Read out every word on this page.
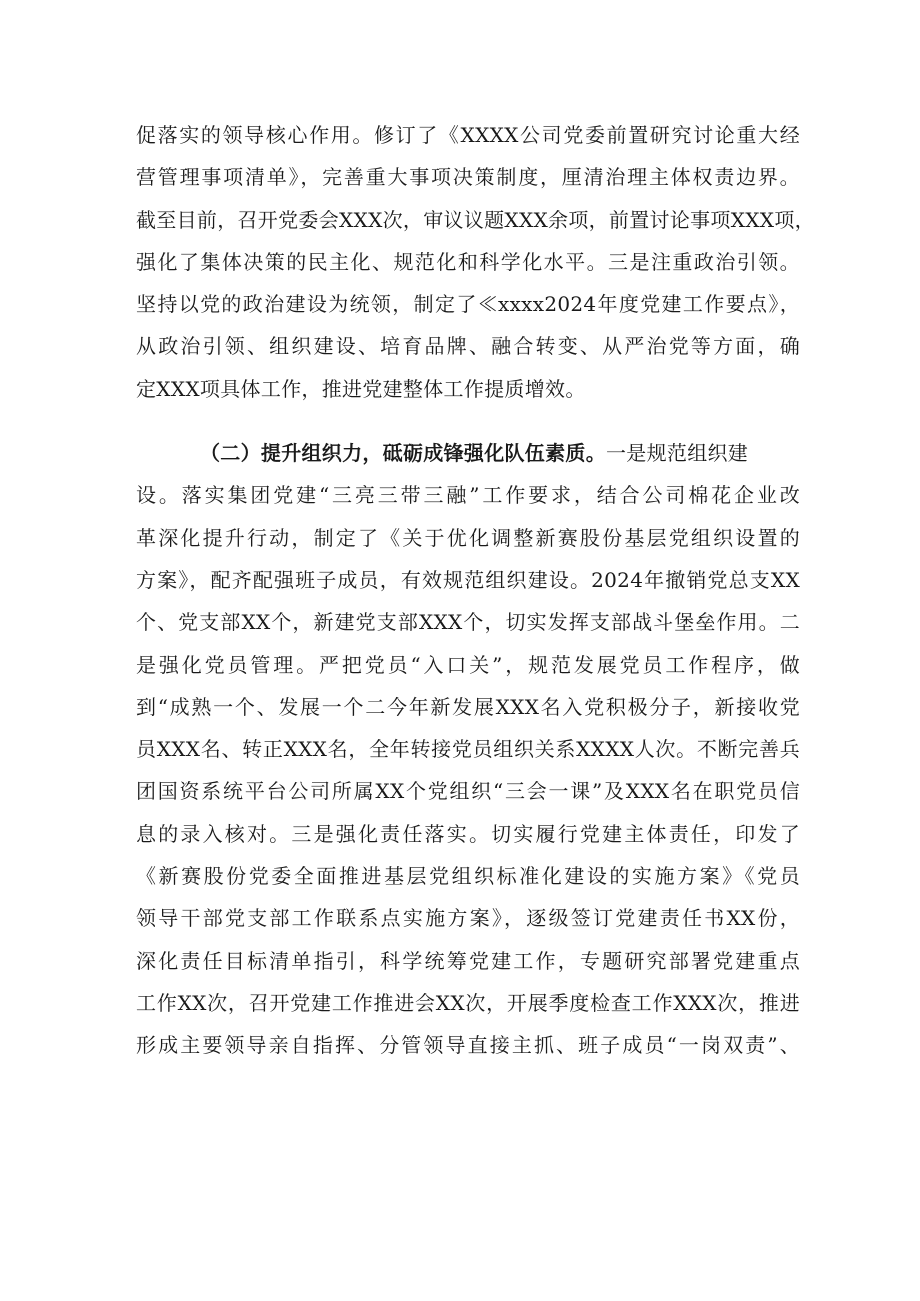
促落实的领导核心作用。修订了《XXXX公司党委前置研究讨论重大经
营管理事项清单》，完善重大事项决策制度，厘清治理主体权责边界。
截至目前，召开党委会XXX次，审议议题XXX余项，前置讨论事项XXX项，
强化了集体决策的民主化、规范化和科学化水平。三是注重政治引领。
坚持以党的政治建设为统领，制定了≪xxxx2024年度党建工作要点》，
从政治引领、组织建设、培育品牌、融合转变、从严治党等方面，确
定XXX项具体工作，推进党建整体工作提质增效。
（二）提升组织力，砥砺成锋强化队伍素质。一是规范组织建
设。落实集团党建“三亮三带三融”工作要求，结合公司棉花企业改
革深化提升行动，制定了《关于优化调整新赛股份基层党组织设置的
方案》，配齐配强班子成员，有效规范组织建设。2024年撤销党总支XX
个、党支部XX个，新建党支部XXX个，切实发挥支部战斗堡垒作用。二
是强化党员管理。严把党员“入口关”，规范发展党员工作程序，做
到“成熟一个、发展一个二今年新发展XXX名入党积极分子，新接收党
员XXX名、转正XXX名，全年转接党员组织关系XXXX人次。不断完善兵
团国资系统平台公司所属XX个党组织“三会一课”及XXX名在职党员信
息的录入核对。三是强化责任落实。切实履行党建主体责任，印发了
《新赛股份党委全面推进基层党组织标准化建设的实施方案》《党员
领导干部党支部工作联系点实施方案》，逐级签订党建责任书XX份，
深化责任目标清单指引，科学统筹党建工作，专题研究部署党建重点
工作XX次，召开党建工作推进会XX次，开展季度检查工作XXX次，推进
形成主要领导亲自指挥、分管领导直接主抓、班子成员“一岗双责”、
